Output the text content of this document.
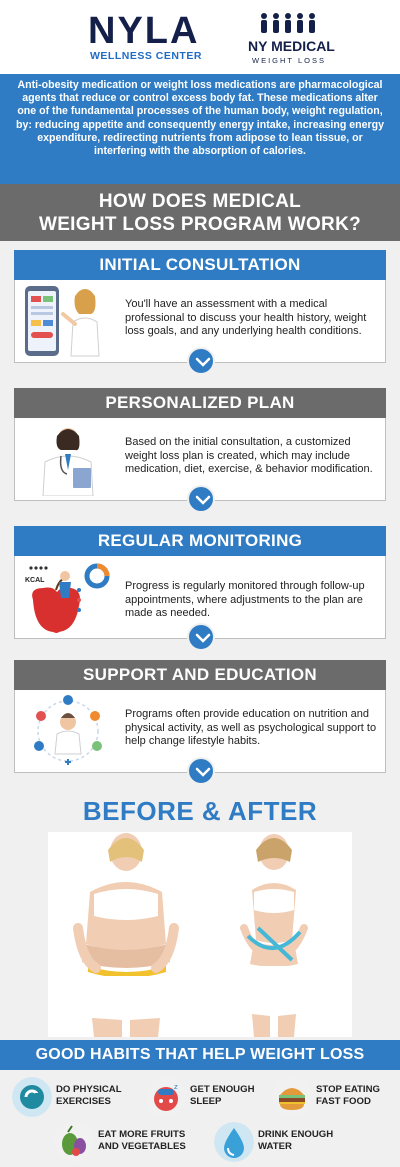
NYLA
WELLNESS CENTER
NY MEDICAL
WEIGHT LOSS
Anti-obesity medication or weight loss medications are pharmacological agents that reduce or control excess body fat. These medications alter one of the fundamental processes of the human body, weight regulation, by: reducing appetite and consequently energy intake, increasing energy expenditure, redirecting nutrients from adipose to lean tissue, or interfering with the absorption of calories.
HOW DOES MEDICAL
WEIGHT LOSS PROGRAM WORK?
INITIAL CONSULTATION
You'll have an assessment with a medical professional to discuss your health history, weight loss goals, and any underlying health conditions.
PERSONALIZED PLAN
Based on the initial consultation, a customized weight loss plan is created, which may include medication, diet, exercise, & behavior modification.
REGULAR MONITORING
KCAL	Progress is regularly monitored through follow-up appointments, where adjustments to the plan are made as needed.
SUPPORT AND EDUCATION
Programs often provide education on nutrition and physical activity, as well as psychological support to help change lifestyle habits.
BEFORE & AFTER
GOOD HABITS THAT HELP WEIGHT LOSS
DO PHYSICAL
EXERCISES
z GET ENOUGH
SLEEP
STOP EATING
FAST FOOD
EAT MORE FRUITS
AND VEGETABLES
DRINK ENOUGH
WATER
